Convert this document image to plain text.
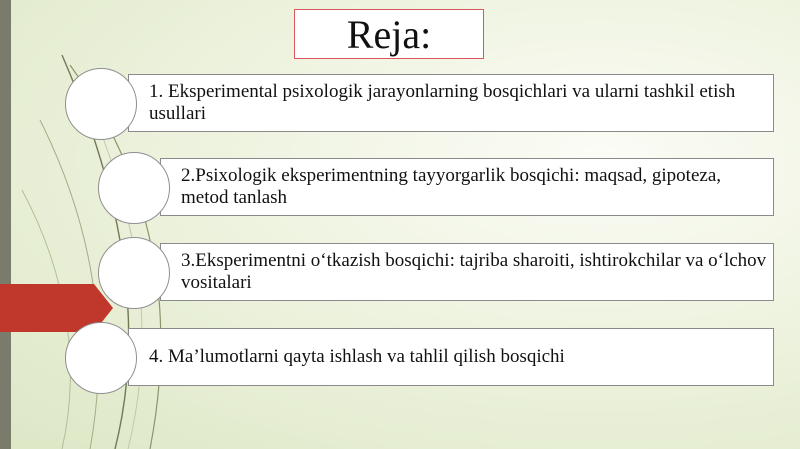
Reja:
1. Eksperimental psixologik jarayonlarning bosqichlari va ularni tashkil etish usullari
2.Psixologik eksperimentning tayyorgarlik bosqichi: maqsad, gipoteza, metod tanlash
3.Eksperimentni o‘tkazish bosqichi: tajriba sharoiti, ishtirokchilar va o‘lchov vositalari
4. Ma’lumotlarni qayta ishlash va tahlil qilish bosqichi
